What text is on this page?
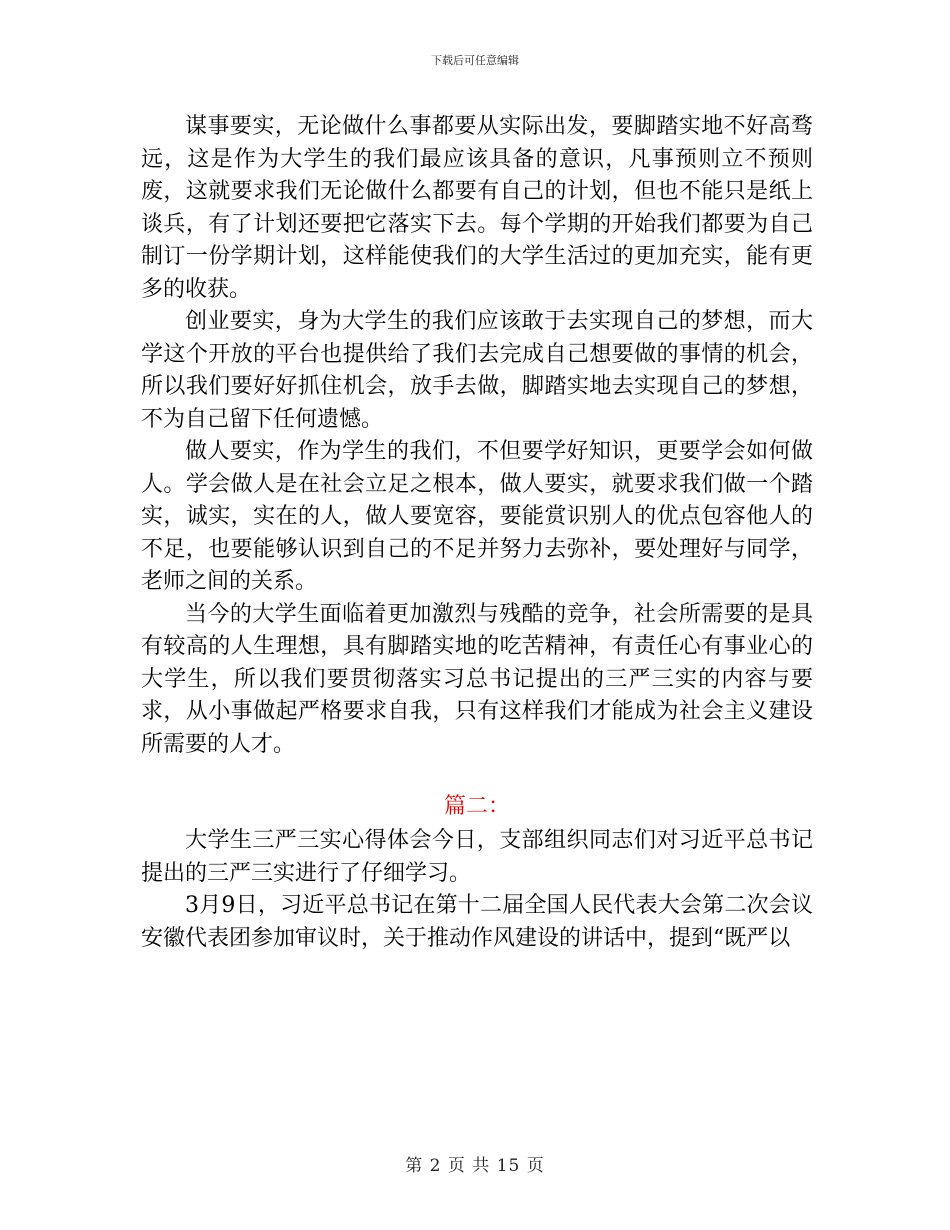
下载后可任意编辑

谋事要实，无论做什么事都要从实际出发，要脚踏实地不好高骛远，这是作为大学生的我们最应该具备的意识，凡事预则立不预则废，这就要求我们无论做什么都要有自己的计划，但也不能只是纸上谈兵，有了计划还要把它落实下去。每个学期的开始我们都要为自己制订一份学期计划，这样能使我们的大学生活过的更加充实，能有更多的收获。

创业要实，身为大学生的我们应该敢于去实现自己的梦想，而大学这个开放的平台也提供给了我们去完成自己想要做的事情的机会，所以我们要好好抓住机会，放手去做，脚踏实地去实现自己的梦想，不为自己留下任何遗憾。

做人要实，作为学生的我们，不但要学好知识，更要学会如何做人。学会做人是在社会立足之根本，做人要实，就要求我们做一个踏实，诚实，实在的人，做人要宽容，要能赏识别人的优点包容他人的不足，也要能够认识到自己的不足并努力去弥补，要处理好与同学，老师之间的关系。

当今的大学生面临着更加激烈与残酷的竞争，社会所需要的是具有较高的人生理想，具有脚踏实地的吃苦精神，有责任心有事业心的大学生，所以我们要贯彻落实习总书记提出的三严三实的内容与要求，从小事做起严格要求自我，只有这样我们才能成为社会主义建设所需要的人才。

篇二：

大学生三严三实心得体会今日，支部组织同志们对习近平总书记提出的三严三实进行了仔细学习。

3月9日，习近平总书记在第十二届全国人民代表大会第二次会议安徽代表团参加审议时，关于推动作风建设的讲话中，提到“既严以

第 2 页 共 15 页
